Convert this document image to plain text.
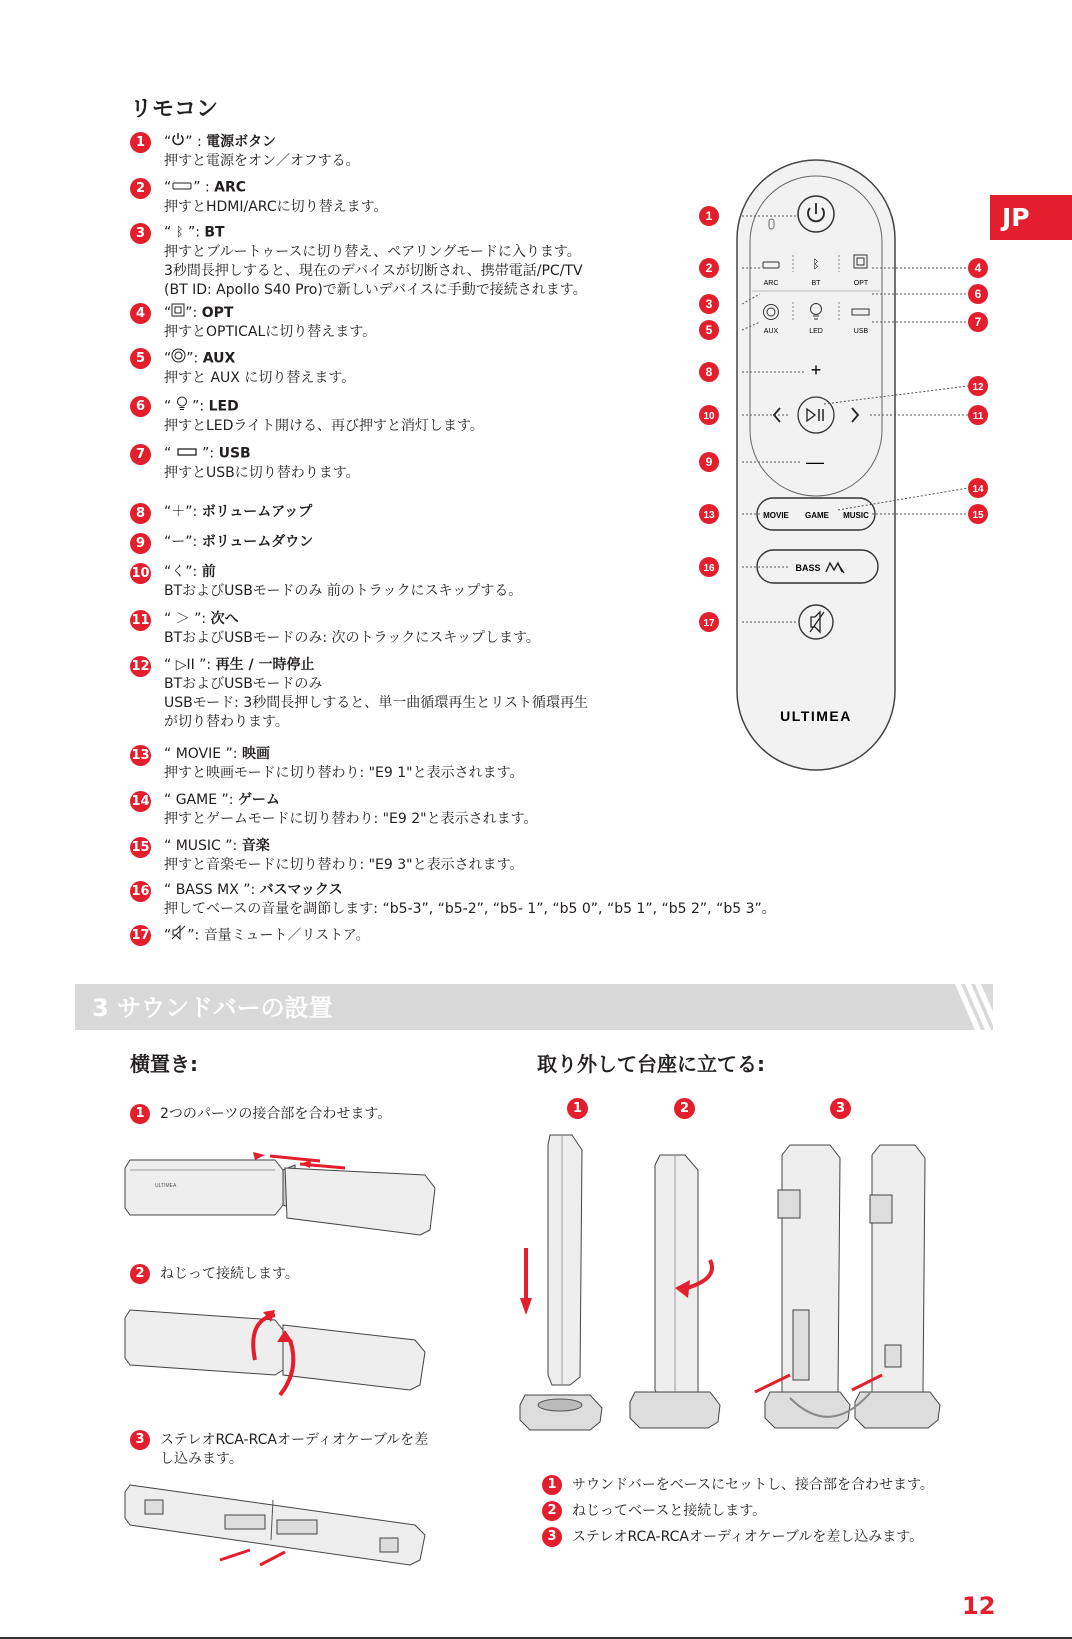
リモコン
JP
1	“ ” : 電源ボタン
押すと電源をオン／オフする。
2	“ ” : ARC
押すとHDMI/ARCに切り替えます。
3	“ ᛒ ”: BT
押すとブルートゥースに切り替え、ペアリングモードに入ります。
3秒間長押しすると、現在のデバイスが切断され、携帯電話/PC/TV
(BT ID: Apollo S40 Pro)で新しいデバイスに手動で接続されます。
4	“ ”: OPT
押すとOPTICALに切り替えます。
5	“ ”: AUX
押すと AUX に切り替えます。
6	“  ”: LED
押すとLEDライト開ける、再び押すと消灯します。
7	“  ”: USB
押すとUSBに切り替わります。
8	“＋”: ボリュームアップ
9	“ー”: ボリュームダウン
10 “く”: 前
BTおよびUSBモードのみ 前のトラックにスキップする。
11 “ ＞ ”: 次へ
BTおよびUSBモードのみ: 次のトラックにスキップします。
12 “ ▷II ”: 再生 / 一時停止
BTおよびUSBモードのみ
USBモード: 3秒間長押しすると、単一曲循環再生とリスト循環再生
が切り替わります。
13 “ MOVIE ”: 映画
押すと映画モードに切り替わり: "E9 1"と表示されます。
14 “ GAME ”: ゲーム
押すとゲームモードに切り替わり: "E9 2"と表示されます。
15 “ MUSIC ”: 音楽
押すと音楽モードに切り替わり: "E9 3"と表示されます。
16 “ BASS MX ”: バスマックス
押してベースの音量を調節します: “b5-3”, “b5-2”, “b5- 1”, “b5 0”, “b5 1”, “b5 2”, “b5 3”。
17 “ ”: 音量ミュート／リストア。
ARC
ᛒ
BT	OPT
AUX	LED	USB
+
—
MOVIE GAME MUSIC
BASS
ULTIMEA
1
2
3
4
5
6
7
8
9
10	11
12
13
14
15
16
17
3 サウンドバーの設置
横置き:	取り外して台座に立てる:
1 2つのパーツの接合部を合わせます。
2 ねじって接続します。
3 ステレオRCA-RCAオーディオケーブルを差
し込みます。
ULTIMEA
1	2	3
1 サウンドバーをベースにセットし、接合部を合わせます。
2 ねじってベースと接続します。
3 ステレオRCA-RCAオーディオケーブルを差し込みます。
12
